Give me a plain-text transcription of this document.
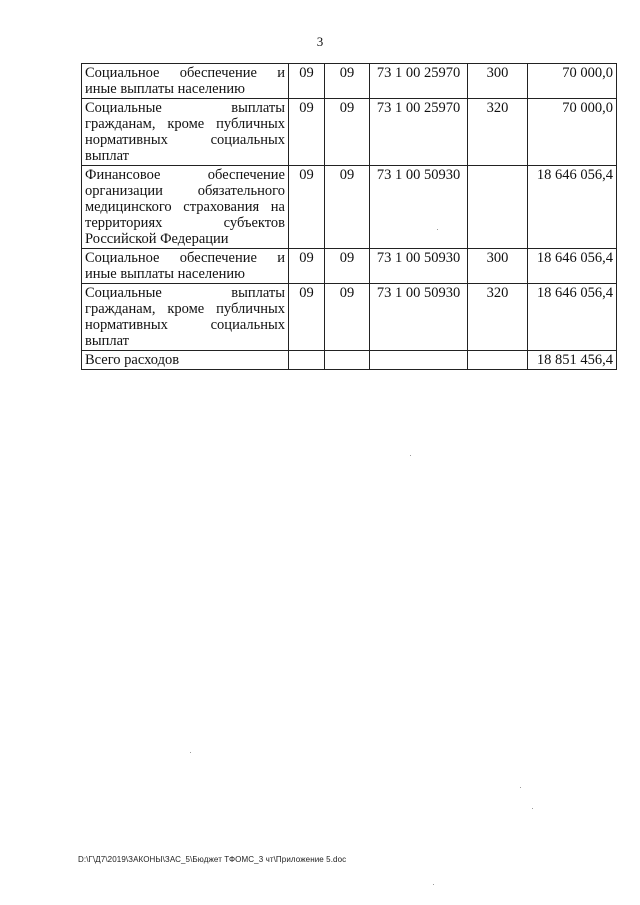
3
Социальное обеспечение и иные выплаты населению	09	09	73 1 00 25970	300	70 000,0
Социальные выплаты гражданам, кроме публичных нормативных социальных выплат	09	09	73 1 00 25970	320	70 000,0
Финансовое обеспечение организации обязательного медицинского страхования на территориях субъектов Российской Федерации	09	09	73 1 00 50930		18 646 056,4
Социальное обеспечение и иные выплаты населению	09	09	73 1 00 50930	300	18 646 056,4
Социальные выплаты гражданам, кроме публичных нормативных социальных выплат	09	09	73 1 00 50930	320	18 646 056,4
Всего расходов					18 851 456,4
D:\Г\Д7\2019\ЗАКОНЫ\ЗАС_5\Бюджет ТФОМС_3 чт\Приложение 5.doc
